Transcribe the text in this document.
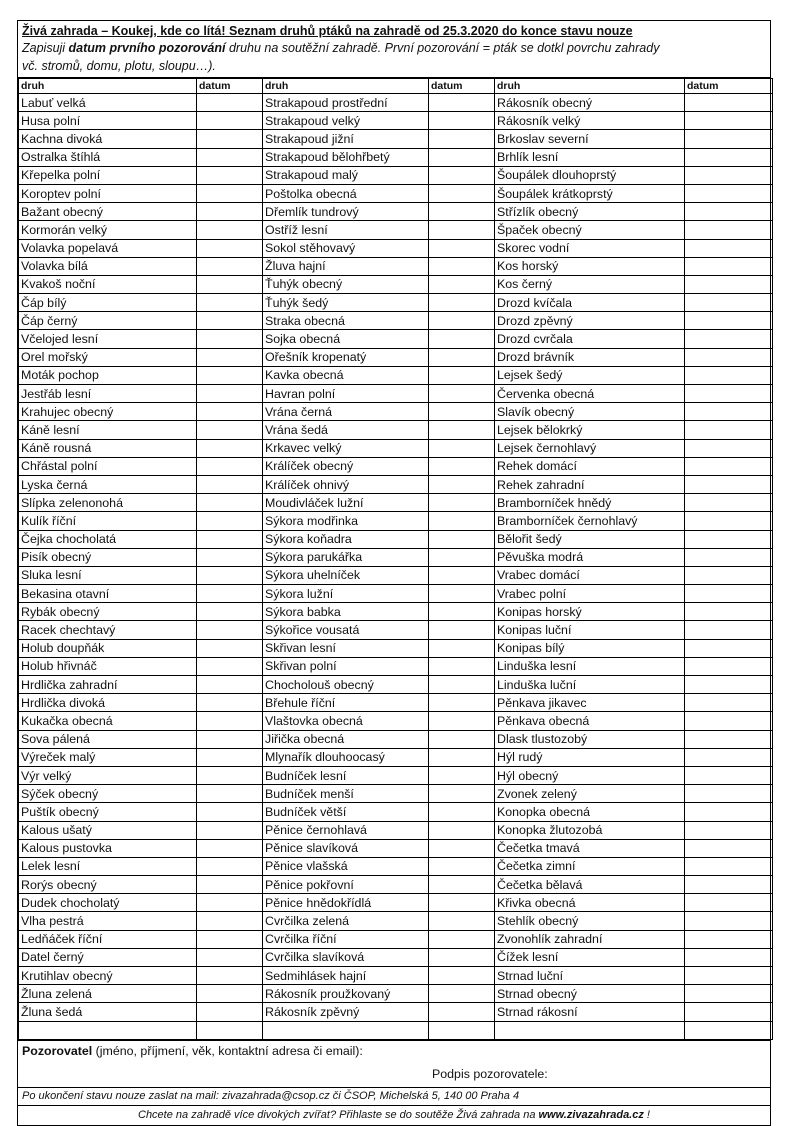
Živá zahrada – Koukej, kde co lítá! Seznam druhů ptáků na zahradě od 25.3.2020 do konce stavu nouze
Zapisuji datum prvního pozorování druhu na soutěžní zahradě. První pozorování = pták se dotkl povrchu zahrady
vč. stromů, domu, plotu, sloupu…).
druh	datum	druh	datum	druh	datum
Labuť velká		Strakapoud prostřední		Rákosník obecný	
Husa polní		Strakapoud velký		Rákosník velký	
Kachna divoká		Strakapoud jižní		Brkoslav severní	
Ostralka štíhlá		Strakapoud bělohřbetý		Brhlík lesní	
Křepelka polní		Strakapoud malý		Šoupálek dlouhoprstý	
Koroptev polní		Poštolka obecná		Šoupálek krátkoprstý	
Bažant obecný		Dřemlík tundrový		Střízlík obecný	
Kormorán velký		Ostříž lesní		Špaček obecný	
Volavka popelavá		Sokol stěhovavý		Skorec vodní	
Volavka bílá		Žluva hajní		Kos horský	
Kvakoš noční		Ťuhýk obecný		Kos černý	
Čáp bílý		Ťuhýk šedý		Drozd kvíčala	
Čáp černý		Straka obecná		Drozd zpěvný	
Včelojed lesní		Sojka obecná		Drozd cvrčala	
Orel mořský		Ořešník kropenatý		Drozd brávník	
Moták pochop		Kavka obecná		Lejsek šedý	
Jestřáb lesní		Havran polní		Červenka obecná	
Krahujec obecný		Vrána černá		Slavík obecný	
Káně lesní		Vrána šedá		Lejsek bělokrký	
Káně rousná		Krkavec velký		Lejsek černohlavý	
Chřástal polní		Králíček obecný		Rehek domácí	
Lyska černá		Králíček ohnivý		Rehek zahradní	
Slípka zelenonohá		Moudivláček lužní		Bramborníček hnědý	
Kulík říční		Sýkora modřinka		Bramborníček černohlavý	
Čejka chocholatá		Sýkora koňadra		Bělořit šedý	
Pisík obecný		Sýkora parukářka		Pěvuška modrá	
Sluka lesní		Sýkora uhelníček		Vrabec domácí	
Bekasina otavní		Sýkora lužní		Vrabec polní	
Rybák obecný		Sýkora babka		Konipas horský	
Racek chechtavý		Sýkořice vousatá		Konipas luční	
Holub doupňák		Skřivan lesní		Konipas bílý	
Holub hřivnáč		Skřivan polní		Linduška lesní	
Hrdlička zahradní		Chocholouš obecný		Linduška luční	
Hrdlička divoká		Břehule říční		Pěnkava jikavec	
Kukačka obecná		Vlaštovka obecná		Pěnkava obecná	
Sova pálená		Jiřička obecná		Dlask tlustozobý	
Výreček malý		Mlynařík dlouhoocasý		Hýl rudý	
Výr velký		Budníček lesní		Hýl obecný	
Sýček obecný		Budníček menší		Zvonek zelený	
Puštík obecný		Budníček větší		Konopka obecná	
Kalous ušatý		Pěnice černohlavá		Konopka žlutozobá	
Kalous pustovka		Pěnice slavíková		Čečetka tmavá	
Lelek lesní		Pěnice vlašská		Čečetka zimní	
Rorýs obecný		Pěnice pokřovní		Čečetka bělavá	
Dudek chocholatý		Pěnice hnědokřídlá		Křivka obecná	
Vlha pestrá		Cvrčilka zelená		Stehlík obecný	
Ledňáček říční		Cvrčilka říční		Zvonohlík zahradní	
Datel černý		Cvrčilka slavíková		Čížek lesní	
Krutihlav obecný		Sedmihlásek hajní		Strnad luční	
Žluna zelená		Rákosník proužkovaný		Strnad obecný	
Žluna šedá		Rákosník zpěvný		Strnad rákosní	

Pozorovatel (jméno, příjmení, věk, kontaktní adresa či email):
Podpis pozorovatele:
Po ukončení stavu nouze zaslat na mail: zivazahrada@csop.cz či ČSOP, Michelská 5, 140 00 Praha 4
Chcete na zahradě více divokých zvířat? Přihlaste se do soutěže Živá zahrada na www.zivazahrada.cz !
